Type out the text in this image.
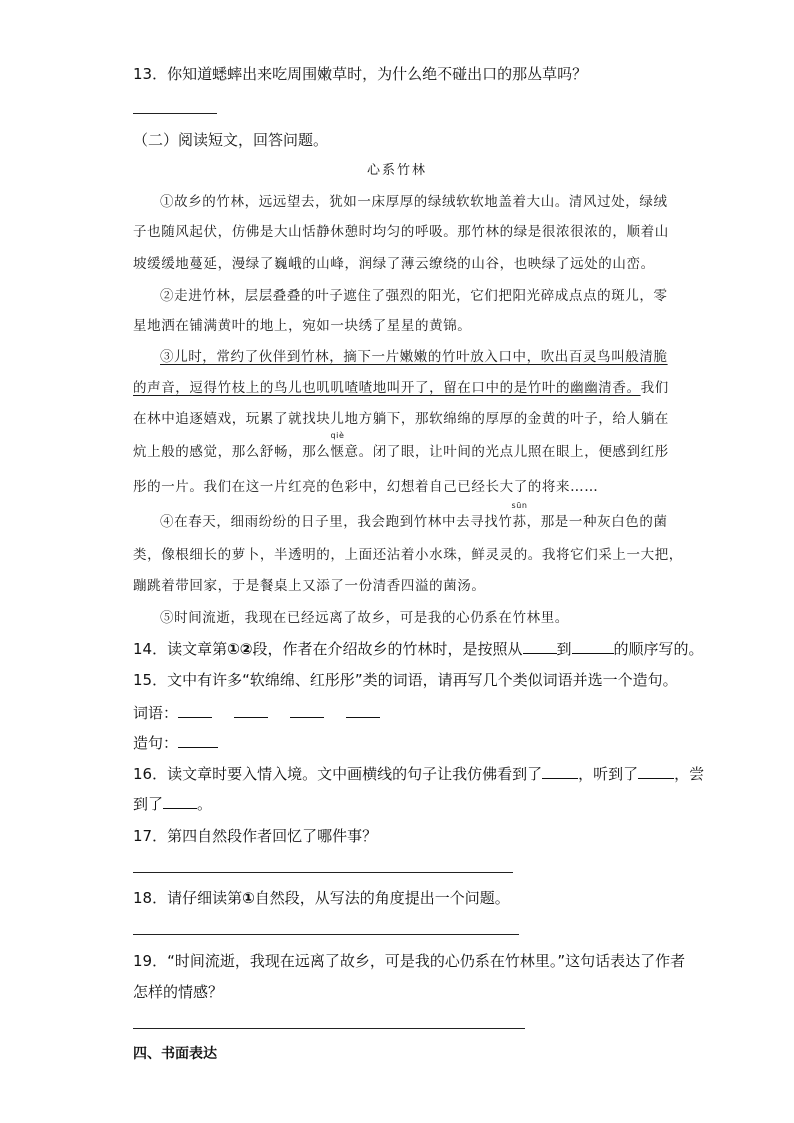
13．你知道蟋蟀出来吃周围嫩草时，为什么绝不碰出口的那丛草吗？
（二）阅读短文，回答问题。
心系竹林
①故乡的竹林，远远望去，犹如一床厚厚的绿绒软软地盖着大山。清风过处，绿绒
子也随风起伏，仿佛是大山恬静休憩时均匀的呼吸。那竹林的绿是很浓很浓的，顺着山
坡缓缓地蔓延，漫绿了巍峨的山峰，润绿了薄云缭绕的山谷，也映绿了远处的山峦。
②走进竹林，层层叠叠的叶子遮住了强烈的阳光，它们把阳光碎成点点的斑儿，零
星地洒在铺满黄叶的地上，宛如一块绣了星星的黄锦。
③儿时，常约了伙伴到竹林，摘下一片嫩嫩的竹叶放入口中，吹出百灵鸟叫般清脆
的声音，逗得竹枝上的鸟儿也叽叽喳喳地叫开了，留在口中的是竹叶的幽幽清香。我们
在林中追逐嬉戏，玩累了就找块儿地方躺下，那软绵绵的厚厚的金黄的叶子，给人躺在
炕上般的感觉，那么舒畅，那么
qiè
惬意。闭了眼，让叶间的光点儿照在眼上，便感到红彤
彤的一片。我们在这一片红亮的色彩中，幻想着自己已经长大了的将来……
④在春天，细雨纷纷的日子里，我会跑到竹林中去寻找竹
sūn
荪，那是一种灰白色的菌
类，像根细长的萝卜，半透明的，上面还沾着小水珠，鲜灵灵的。我将它们采上一大把，
蹦跳着带回家，于是餐桌上又添了一份清香四溢的菌汤。
⑤时间流逝，我现在已经远离了故乡，可是我的心仍系在竹林里。
14．读文章第①②段，作者在介绍故乡的竹林时，是按照从 到	的顺序写的。
15．文中有许多“软绵绵、红彤彤”类的词语，请再写几个类似词语并选一个造句。
词语：
造句：
16．读文章时要入情入境。文中画横线的句子让我仿佛看到了 ，听到了 ，尝
到了 。
17．第四自然段作者回忆了哪件事？
18．请仔细读第①自然段，从写法的角度提出一个问题。
19．“时间流逝，我现在远离了故乡，可是我的心仍系在竹林里。”这句话表达了作者
怎样的情感？
四、书面表达
